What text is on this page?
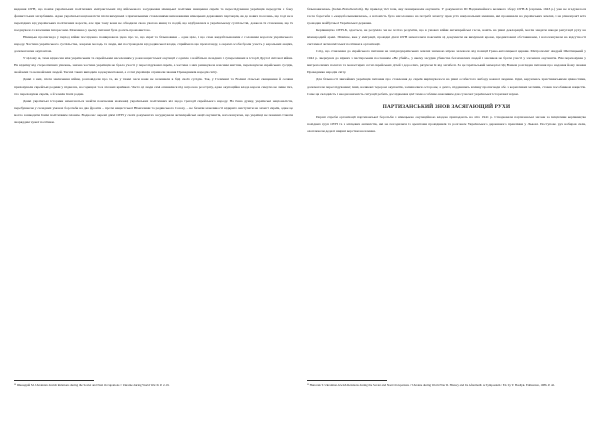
видання ОУН, що поміж українських політичних емігрантських під військового засудження німецької політики знищення євреїв та переслідування українців передусім з боку фашистських загарбників. Адже українські націоналісти після вимушені з прихильними ставленнями вихованнями німецьких державних партнерів, як до нових поселень, що тоді не в перехідних від українських політичних ворогів, але при тому вони не обходили свою увагою явищ та подій, що відбувалися в українському суспільстві, довкола їх ставлення, що їх поєднувало із власними інтересами. Мовчанка у цьому питанні була досить промовистою.

Німецька пропаганда у період війни послідовно поширювала ідею про те, що євреї та більшовики – одне ціле, і що саме жидобільшовизм є головним ворогом українського народу. Частина українського суспільства, зокрема молодь та люди, які постраждали від радянської влади, сприймала цю пропаганду, а окремі особи брали участь у каральних акціях, допомагаючи окупантам.

У цілому ж, тема відносин між українським та єврейським населенням у роки нацистської окупації є однією з найбільш складних і суперечливих в історії Другої світової війни. На відміну від стереотипних уявлень, значна частина українців не брала участі у переслідуванні євреїв, а частина з них ризикувала власним життям, переховуючи єврейських сусідів, знайомих та незнайомих людей. Тисячі таких випадків задокументовані, а сотні українців отримали звання Праведників народів світу.

Деякі з них, після закінчення війни, розповідали про те, як у тяжкі часи вони не залишили в біді своїх сусідів. Так, у Галичині та Волині сільські священики й селяни приховували єврейські родини у підвалах, на горищах та в лісових криївках. Часто ці люди самі опинялися під загрозою розстрілу, адже окупаційна влада карала смертю не лише тих, хто переховував євреїв, а й членів їхніх родин.

Деякі українські історики намагаються знайти пояснення мовчанці українських політичних кіл щодо трагедії єврейського народу. На їхню думку, українські націоналісти, перебуваючи у складних умовах боротьби на два фронти – проти нацистської Німеччини та радянського Союзу, – не бачили можливості відкрито виступати на захист євреїв, адже це могло зашкодити їхнім політичним планам. Водночас окремі діячі ОУН у своїх документах засуджували антиєврейські акції окупантів, наголошуючи, що українці не повинні ставати знаряддям чужої політики.

¹⁰ Шкандрій М. Ukrainian Jewish Relations during the Soviet and Nazi Occupations // Ukraine during World War II. Р. 2-19.

більшовизмом» (Juden-Bolschewism). Це приклад тієї тези, яку поширювали окупанти. У документах ІІІ Надзвичайного великого збору ОУН-Б (серпень 1943 р.) уже не згадувалося гасла боротьби з «жидобольшевизмом», а натомість було наголошено на потребі захисту прав усіх національних меншин, які проживали на українських землях, і на рівноправ'ї всіх громадян майбутньої Української держави.

Керівництво ОУН-Б, здається, не розуміло чи не хотіло розуміти, що в умовах війни антиєврейські гасла, навіть на рівні декларацій, могли завдати шкоди репутації руху на міжнародній арені. Пізніше, вже у еміграції, провідні діячі ОУН намагалися пояснити ці документи як вимушені кроки, продиктовані обставинами, і наголошували на відсутності системної антисемітської політики в організації.

Слід, що ставлення до єврейського питання на західноукраїнських землях значною мірою залежало від позиції Греко-католицької церкви. Митрополит Андрей Шептицький у 1942 р. звернувся до вірних з пастирським посланням «Не убий!», у якому засудив убивства беззахисних людей і закликав не брати участі у злочинах окупантів. Він переховував у митрополичих палатах та монастирях сотні єврейських дітей і дорослих, рятуючи їх від загибелі. За це ізраїльський меморіал Яд Вашем розглядав питання про надання йому звання Праведника народів світу.

Для більшості звичайних українців питання про ставлення до євреїв вирішувалося на рівні особистого вибору кожної людини. Одні, керуючись християнськими цінностями, допомагали переслідуваним; інші, налякані терором окупантів, залишалися осторонь; а дехто, піддавшись впливу пропаганди або з корисливих мотивів, ставав пособником нацистів. Саме ця складність і неоднозначність ситуації робить дослідження цієї теми особливо важливим для сучасної української історичної науки.

ПАРТИЗАНСЬКИЙ ЗНОВ ЗАСЯГАЮЩИЙ РУХИ

Перші спроби організації партизанської боротьби з німецькою окупаційною владою припадають на літо 1941 р. Створювали партизанські загони за ініціативи керівництва похідних груп ОУН та з місцевих активістів, які не погодилися із арештами провідників та розгоном Українського державного правління у Львові. Поступово рух набирав сили, охоплюючи дедалі ширші верстви населення.

¹¹ Hunczak T. Ukrainian-Jewish Relations during the Soviet and Nazi Occupations // Ukraine during World War II. History and Its Aftermath: A Symposium / Ed. by Y. Boshyk. Edmonton, 1986. Р. 42.
